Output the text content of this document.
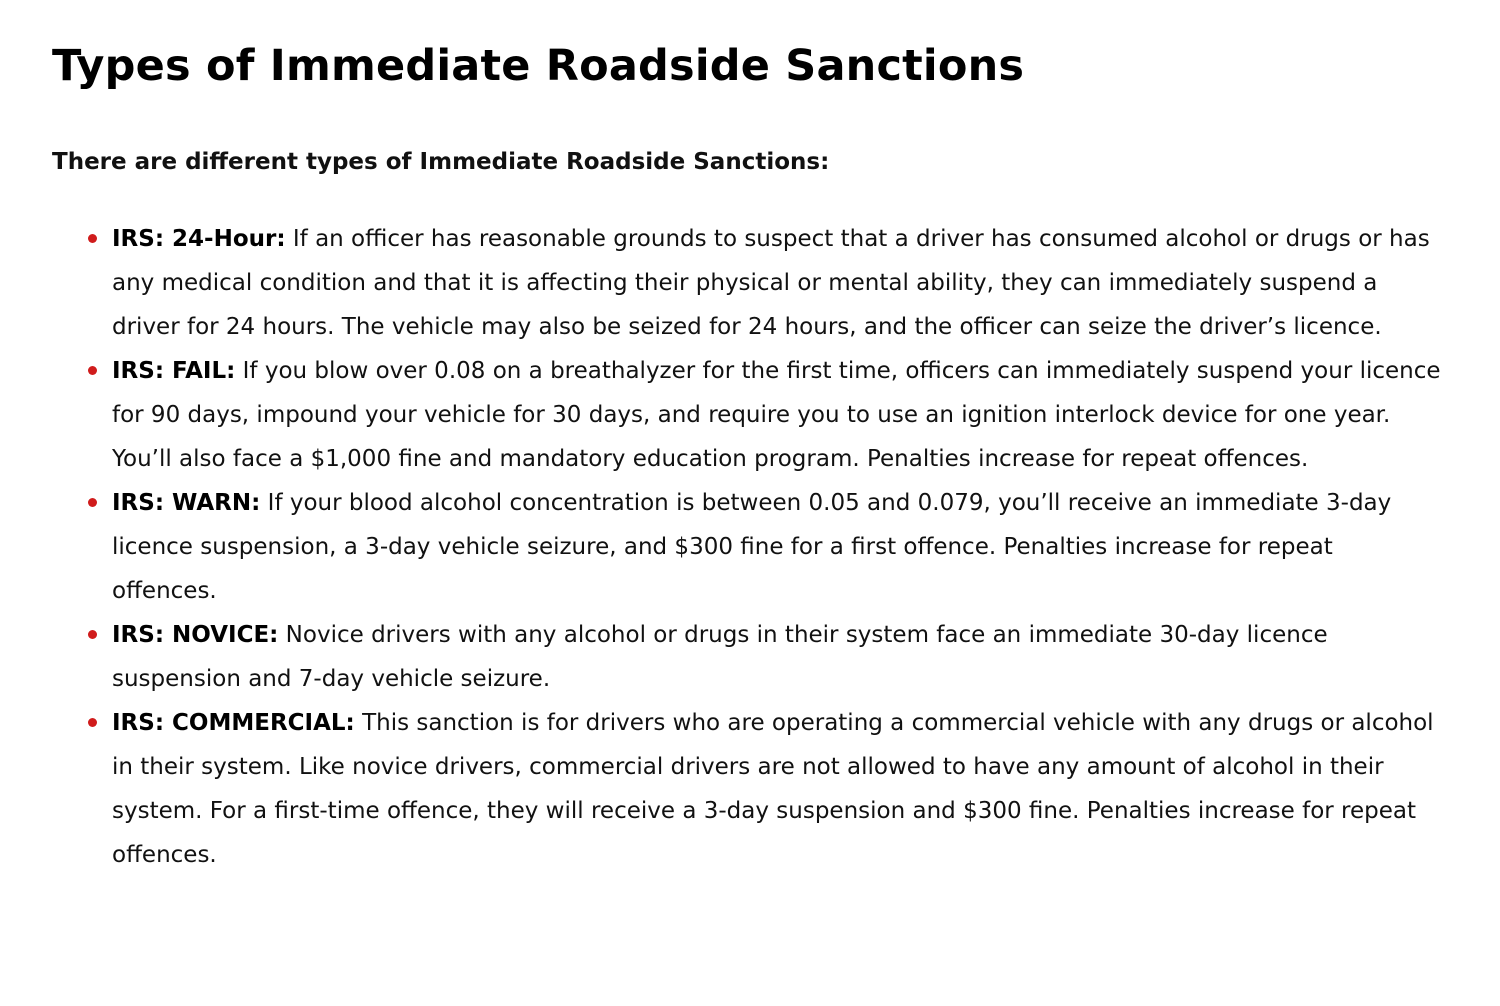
Types of Immediate Roadside Sanctions

There are different types of Immediate Roadside Sanctions:

IRS: 24-Hour: If an officer has reasonable grounds to suspect that a driver has consumed alcohol or drugs or has any medical condition and that it is affecting their physical or mental ability, they can immediately suspend a driver for 24 hours. The vehicle may also be seized for 24 hours, and the officer can seize the driver’s licence.
IRS: FAIL: If you blow over 0.08 on a breathalyzer for the first time, officers can immediately suspend your licence for 90 days, impound your vehicle for 30 days, and require you to use an ignition interlock device for one year. You’ll also face a $1,000 fine and mandatory education program. Penalties increase for repeat offences.
IRS: WARN: If your blood alcohol concentration is between 0.05 and 0.079, you’ll receive an immediate 3-day licence suspension, a 3-day vehicle seizure, and $300 fine for a first offence. Penalties increase for repeat offences.
IRS: NOVICE: Novice drivers with any alcohol or drugs in their system face an immediate 30-day licence suspension and 7-day vehicle seizure.
IRS: COMMERCIAL: This sanction is for drivers who are operating a commercial vehicle with any drugs or alcohol in their system. Like novice drivers, commercial drivers are not allowed to have any amount of alcohol in their system. For a first-time offence, they will receive a 3-day suspension and $300 fine. Penalties increase for repeat offences.
